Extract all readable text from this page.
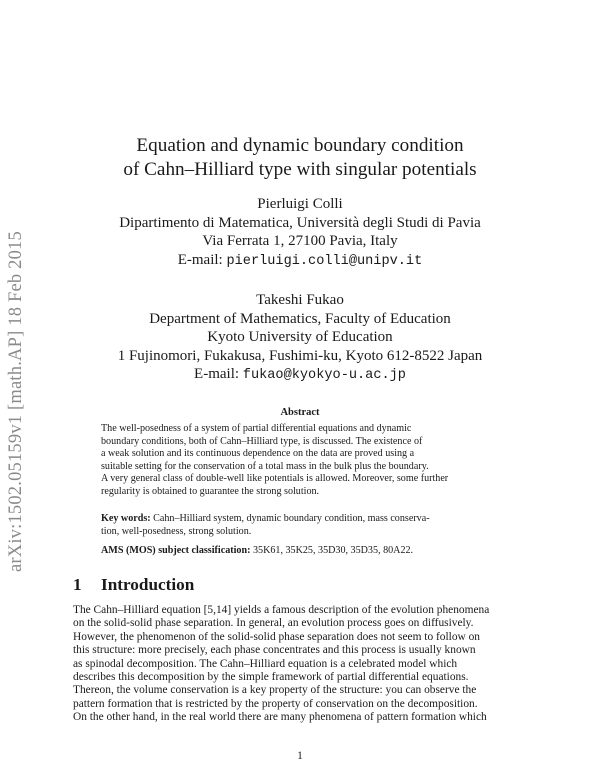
arXiv:1502.05159v1 [math.AP] 18 Feb 2015
Equation and dynamic boundary condition
of Cahn–Hilliard type with singular potentials
Pierluigi Colli
Dipartimento di Matematica, Università degli Studi di Pavia
Via Ferrata 1, 27100 Pavia, Italy
E-mail: pierluigi.colli@unipv.it
Takeshi Fukao
Department of Mathematics, Faculty of Education
Kyoto University of Education
1 Fujinomori, Fukakusa, Fushimi-ku, Kyoto 612-8522 Japan
E-mail: fukao@kyokyo-u.ac.jp
Abstract
The well-posedness of a system of partial differential equations and dynamic
boundary conditions, both of Cahn–Hilliard type, is discussed. The existence of
a weak solution and its continuous dependence on the data are proved using a
suitable setting for the conservation of a total mass in the bulk plus the boundary.
A very general class of double-well like potentials is allowed. Moreover, some further
regularity is obtained to guarantee the strong solution.
Key words: Cahn–Hilliard system, dynamic boundary condition, mass conserva-
tion, well-posedness, strong solution.
AMS (MOS) subject classification: 35K61, 35K25, 35D30, 35D35, 80A22.
1 Introduction
The Cahn–Hilliard equation [5,14] yields a famous description of the evolution phenomena
on the solid-solid phase separation. In general, an evolution process goes on diffusively.
However, the phenomenon of the solid-solid phase separation does not seem to follow on
this structure: more precisely, each phase concentrates and this process is usually known
as spinodal decomposition. The Cahn–Hilliard equation is a celebrated model which
describes this decomposition by the simple framework of partial differential equations.
Thereon, the volume conservation is a key property of the structure: you can observe the
pattern formation that is restricted by the property of conservation on the decomposition.
On the other hand, in the real world there are many phenomena of pattern formation which
1
